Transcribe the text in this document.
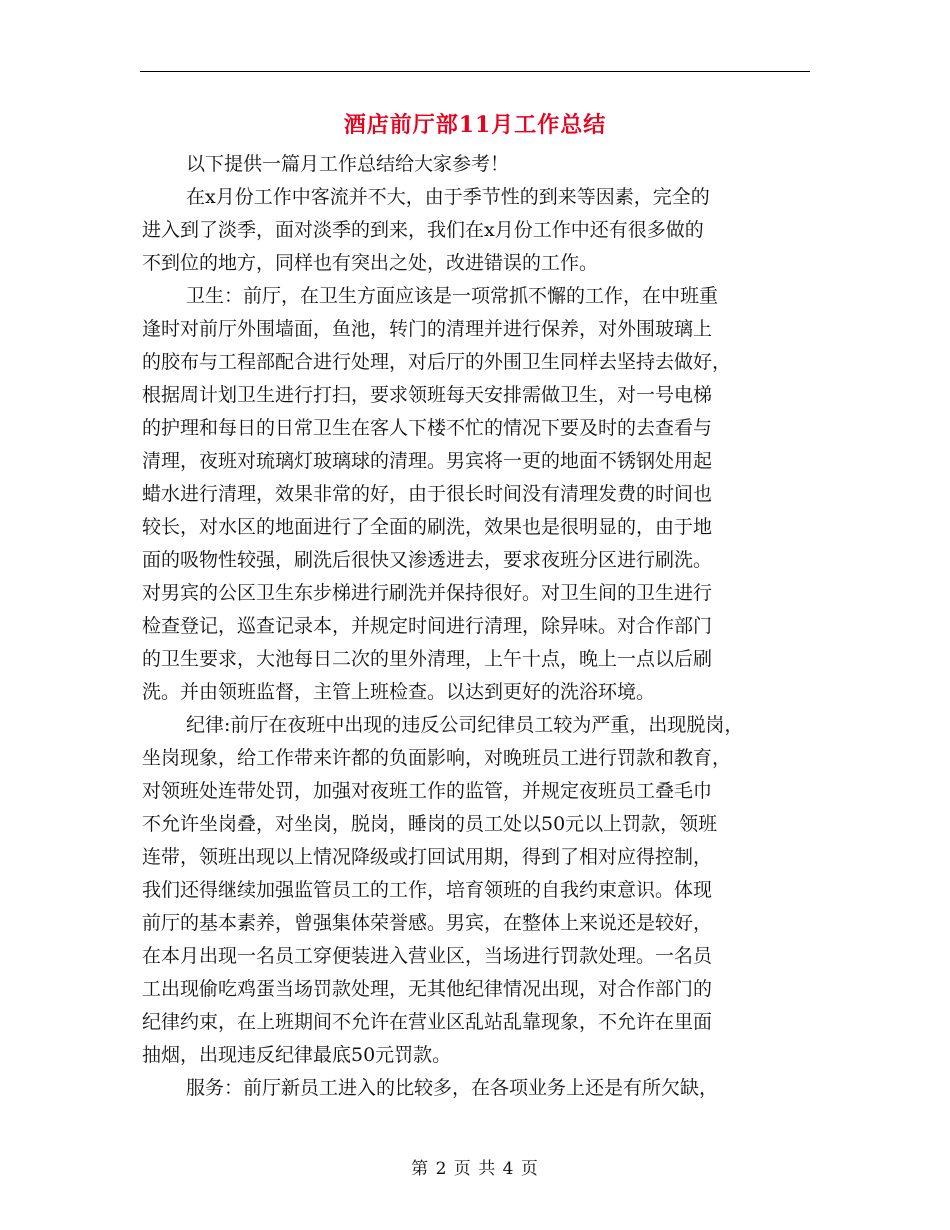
酒店前厅部11月工作总结
以下提供一篇月工作总结给大家参考！
在x月份工作中客流并不大，由于季节性的到来等因素，完全的
进入到了淡季，面对淡季的到来，我们在x月份工作中还有很多做的
不到位的地方，同样也有突出之处，改进错误的工作。
卫生：前厅，在卫生方面应该是一项常抓不懈的工作，在中班重
逢时对前厅外围墙面，鱼池，转门的清理并进行保养，对外围玻璃上
的胶布与工程部配合进行处理，对后厅的外围卫生同样去坚持去做好，
根据周计划卫生进行打扫，要求领班每天安排需做卫生，对一号电梯
的护理和每日的日常卫生在客人下楼不忙的情况下要及时的去查看与
清理，夜班对琉璃灯玻璃球的清理。男宾将一更的地面不锈钢处用起
蜡水进行清理，效果非常的好，由于很长时间没有清理发费的时间也
较长，对水区的地面进行了全面的刷洗，效果也是很明显的，由于地
面的吸物性较强，刷洗后很快又渗透进去，要求夜班分区进行刷洗。
对男宾的公区卫生东步梯进行刷洗并保持很好。对卫生间的卫生进行
检查登记，巡查记录本，并规定时间进行清理，除异味。对合作部门
的卫生要求，大池每日二次的里外清理，上午十点，晚上一点以后刷
洗。并由领班监督，主管上班检查。以达到更好的洗浴环境。
纪律:前厅在夜班中出现的违反公司纪律员工较为严重，出现脱岗，
坐岗现象，给工作带来许都的负面影响，对晚班员工进行罚款和教育，
对领班处连带处罚，加强对夜班工作的监管，并规定夜班员工叠毛巾
不允许坐岗叠，对坐岗，脱岗，睡岗的员工处以50元以上罚款，领班
连带，领班出现以上情况降级或打回试用期，得到了相对应得控制，
我们还得继续加强监管员工的工作，培育领班的自我约束意识。体现
前厅的基本素养，曾强集体荣誉感。男宾，在整体上来说还是较好，
在本月出现一名员工穿便装进入营业区，当场进行罚款处理。一名员
工出现偷吃鸡蛋当场罚款处理，无其他纪律情况出现，对合作部门的
纪律约束，在上班期间不允许在营业区乱站乱靠现象，不允许在里面
抽烟，出现违反纪律最底50元罚款。
服务：前厅新员工进入的比较多，在各项业务上还是有所欠缺，
第 2 页 共 4 页
